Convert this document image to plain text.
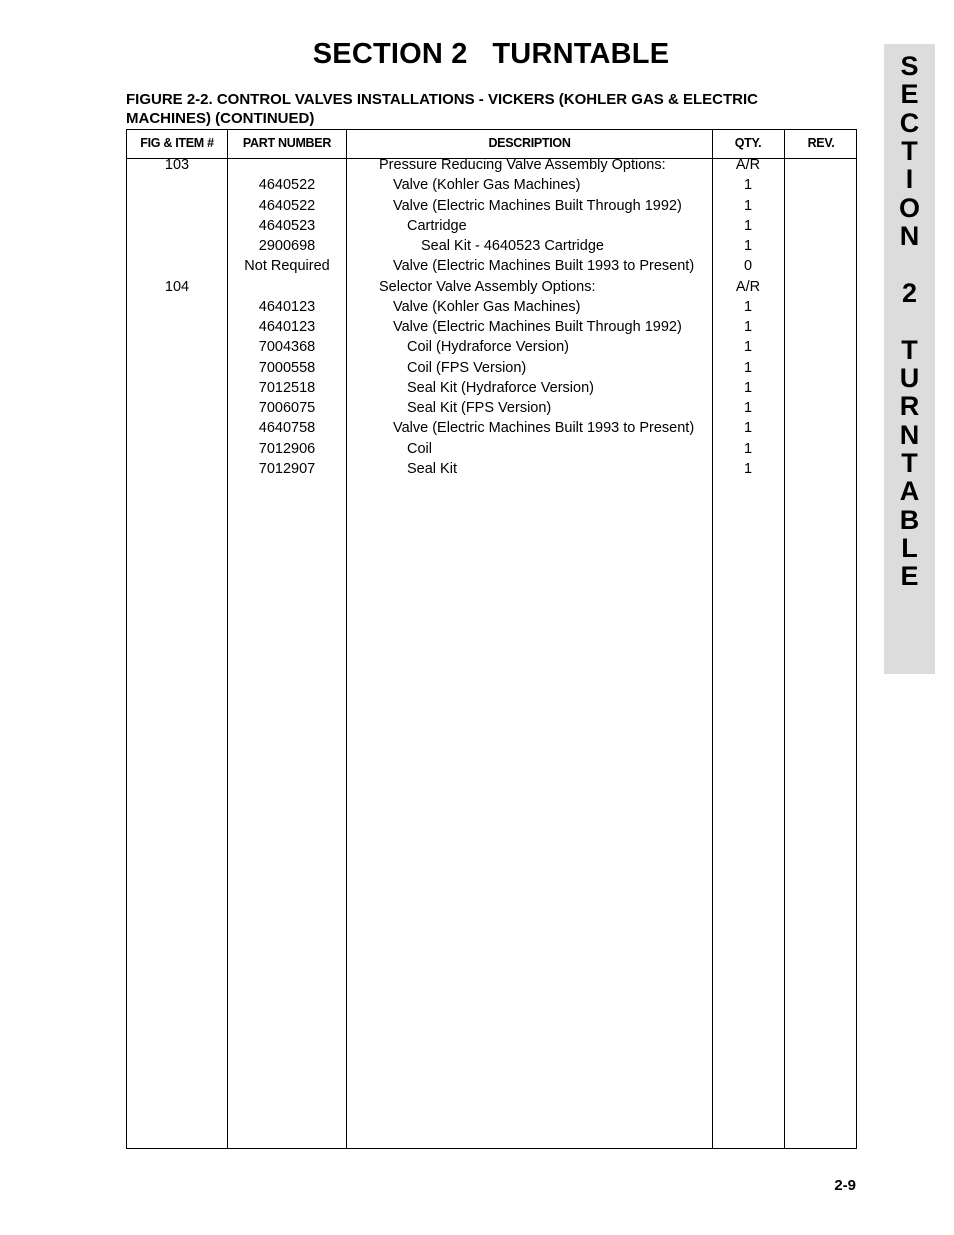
SECTION 2   TURNTABLE
FIGURE 2-2. CONTROL VALVES INSTALLATIONS - VICKERS (KOHLER GAS & ELECTRIC MACHINES) (CONTINUED)
FIG & ITEM #	PART NUMBER	DESCRIPTION	QTY.	REV.
103	Pressure Reducing Valve Assembly Options:	A/R
4640522	Valve (Kohler Gas Machines)	1
4640522	Valve (Electric Machines Built Through 1992)	1
4640523	Cartridge	1
2900698	Seal Kit - 4640523 Cartridge	1
Not Required	Valve (Electric Machines Built 1993 to Present)	0
104	Selector Valve Assembly Options:	A/R
4640123	Valve (Kohler Gas Machines)	1
4640123	Valve (Electric Machines Built Through 1992)	1
7004368	Coil (Hydraforce Version)	1
7000558	Coil (FPS Version)	1
7012518	Seal Kit (Hydraforce Version)	1
7006075	Seal Kit (FPS Version)	1
4640758	Valve (Electric Machines Built 1993 to Present)	1
7012906	Coil	1
7012907	Seal Kit	1
S
E
C
T
I
O
N
2
T
U
R
N
T
A
B
L
E
2-9
